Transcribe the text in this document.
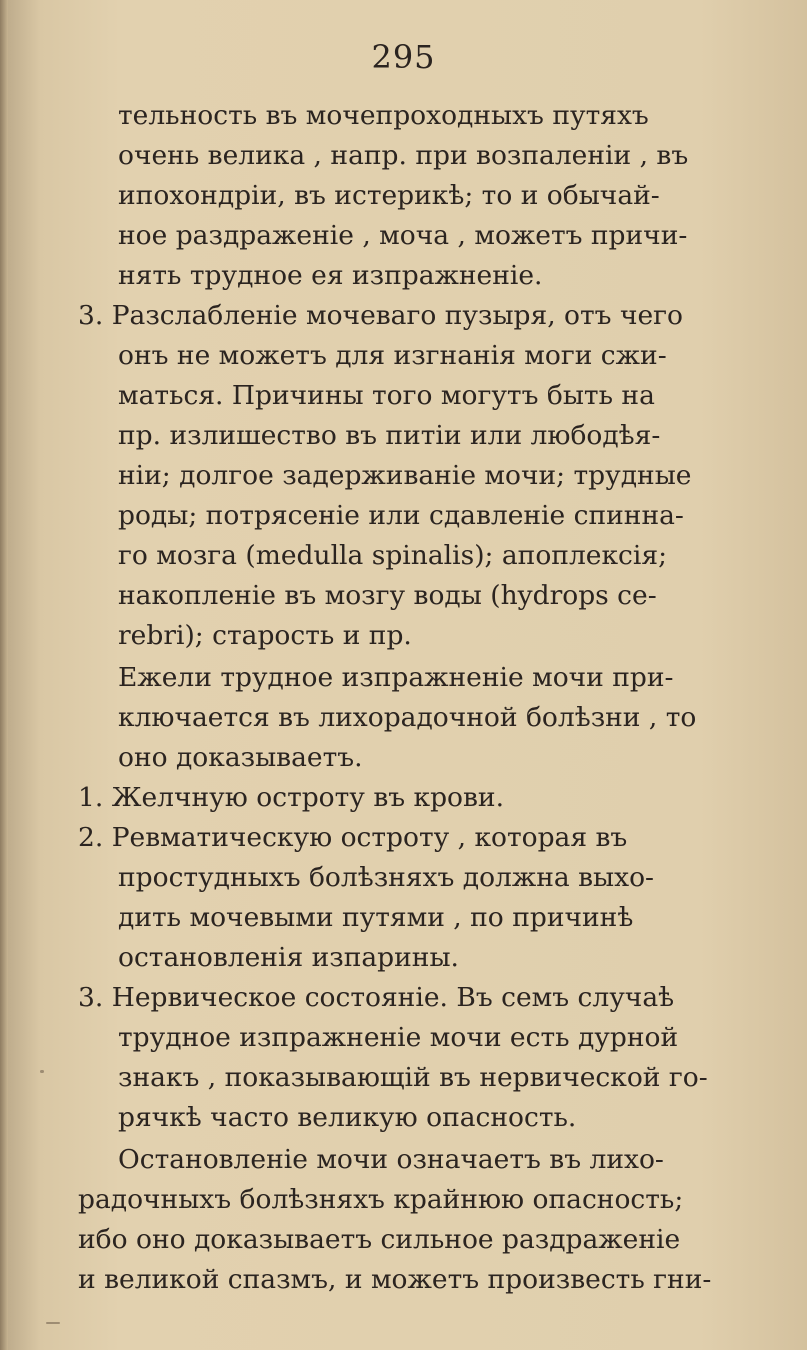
295
тельность въ мочепроходныхъ путяхъ
очень велика , напр. при возпаленіи , въ
ипохондріи, въ истерикѣ; то и обычай-
ное раздраженіе , моча , можетъ причи-
нять трудное ея изпражненіе.
3. Разслабленіе мочеваго пузыря, отъ чего
онъ не можетъ для изгнанія моги сжи-
маться. Причины того могутъ быть на
пр. излишество въ питіи или любодѣя-
ніи; долгое задерживаніе мочи; трудные
роды; потрясеніе или сдавленіе спинна-
го мозга (medulla spinalis); апоплексія;
накопленіе въ мозгу воды (hydrops ce-
rebri); старость и пр.
Ежели трудное изпражненіе мочи при-
ключается въ лихорадочной болѣзни , то
оно доказываетъ.
1. Желчную остроту въ крови.
2. Ревматическую остроту , которая въ
простудныхъ болѣзняхъ должна выхо-
дить мочевыми путями , по причинѣ
остановленія изпарины.
3. Нервическое состояніе. Въ семъ случаѣ
трудное изпражненіе мочи есть дурной
знакъ , показывающій въ нервической го-
рячкѣ часто великую опасность.
Остановленіе мочи означаетъ въ лихо-
радочныхъ болѣзняхъ крайнюю опасность;
ибо оно доказываетъ сильное раздраженіе
и великой спазмъ, и можетъ произвесть гни-
